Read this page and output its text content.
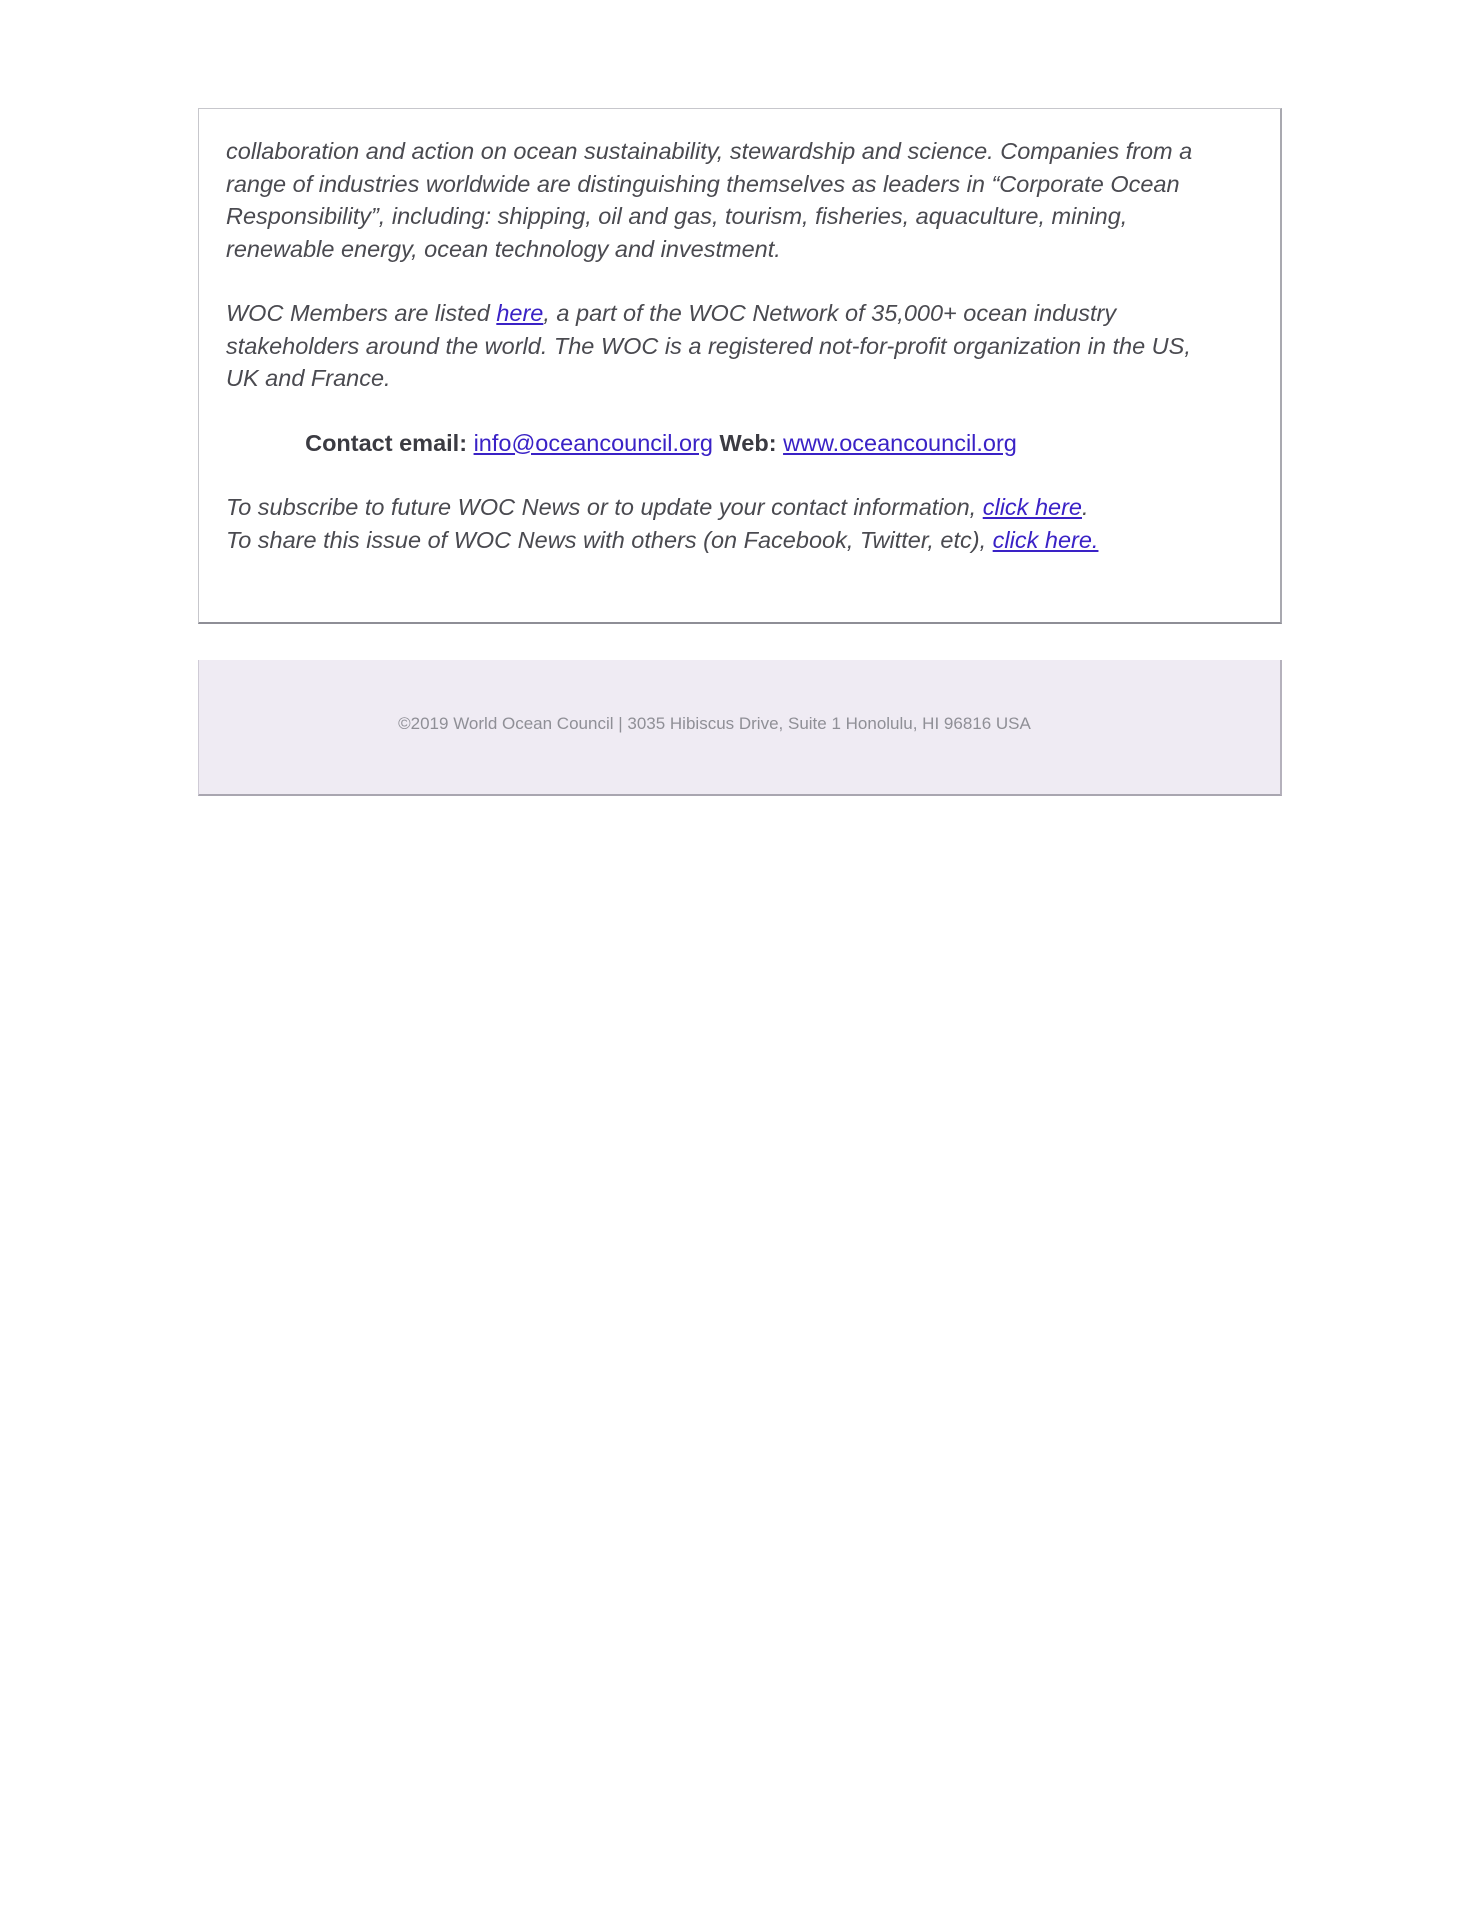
collaboration and action on ocean sustainability, stewardship and science. Companies from a range of industries worldwide are distinguishing themselves as leaders in “Corporate Ocean Responsibility”, including: shipping, oil and gas, tourism, fisheries, aquaculture, mining, renewable energy, ocean technology and investment.

WOC Members are listed here, a part of the WOC Network of 35,000+ ocean industry stakeholders around the world. The WOC is a registered not-for-profit organization in the US, UK and France.

Contact email: info@oceancouncil.org Web: www.oceancouncil.org

To subscribe to future WOC News or to update your contact information, click here.

To share this issue of WOC News with others (on Facebook, Twitter, etc), click here.

©2019 World Ocean Council | 3035 Hibiscus Drive, Suite 1 Honolulu, HI 96816 USA
